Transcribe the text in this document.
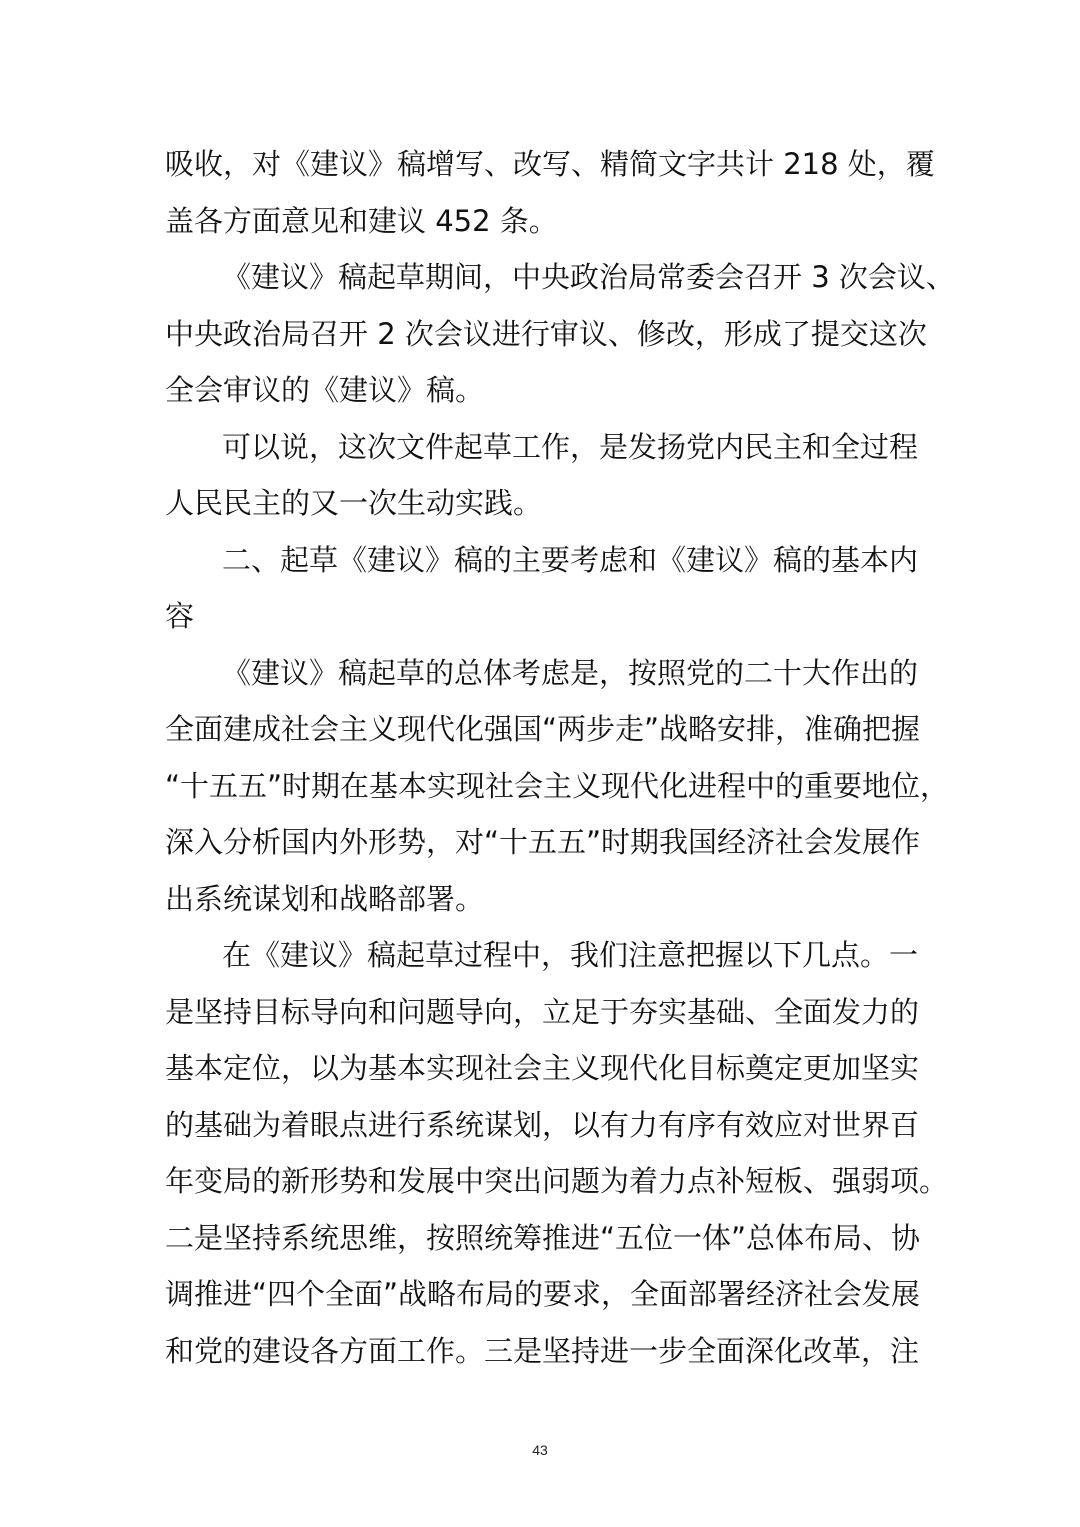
吸收，对《建议》稿增写、改写、精简文字共计 218 处，覆
盖各方面意见和建议 452 条。
《建议》稿起草期间，中央政治局常委会召开 3 次会议、
中央政治局召开 2 次会议进行审议、修改，形成了提交这次
全会审议的《建议》稿。
可以说，这次文件起草工作，是发扬党内民主和全过程
人民民主的又一次生动实践。
二、起草《建议》稿的主要考虑和《建议》稿的基本内
容
《建议》稿起草的总体考虑是，按照党的二十大作出的
全面建成社会主义现代化强国“两步走”战略安排，准确把握
“十五五”时期在基本实现社会主义现代化进程中的重要地位，
深入分析国内外形势，对“十五五”时期我国经济社会发展作
出系统谋划和战略部署。
在《建议》稿起草过程中，我们注意把握以下几点。一
是坚持目标导向和问题导向，立足于夯实基础、全面发力的
基本定位，以为基本实现社会主义现代化目标奠定更加坚实
的基础为着眼点进行系统谋划，以有力有序有效应对世界百
年变局的新形势和发展中突出问题为着力点补短板、强弱项。
二是坚持系统思维，按照统筹推进“五位一体”总体布局、协
调推进“四个全面”战略布局的要求，全面部署经济社会发展
和党的建设各方面工作。三是坚持进一步全面深化改革，注
43
